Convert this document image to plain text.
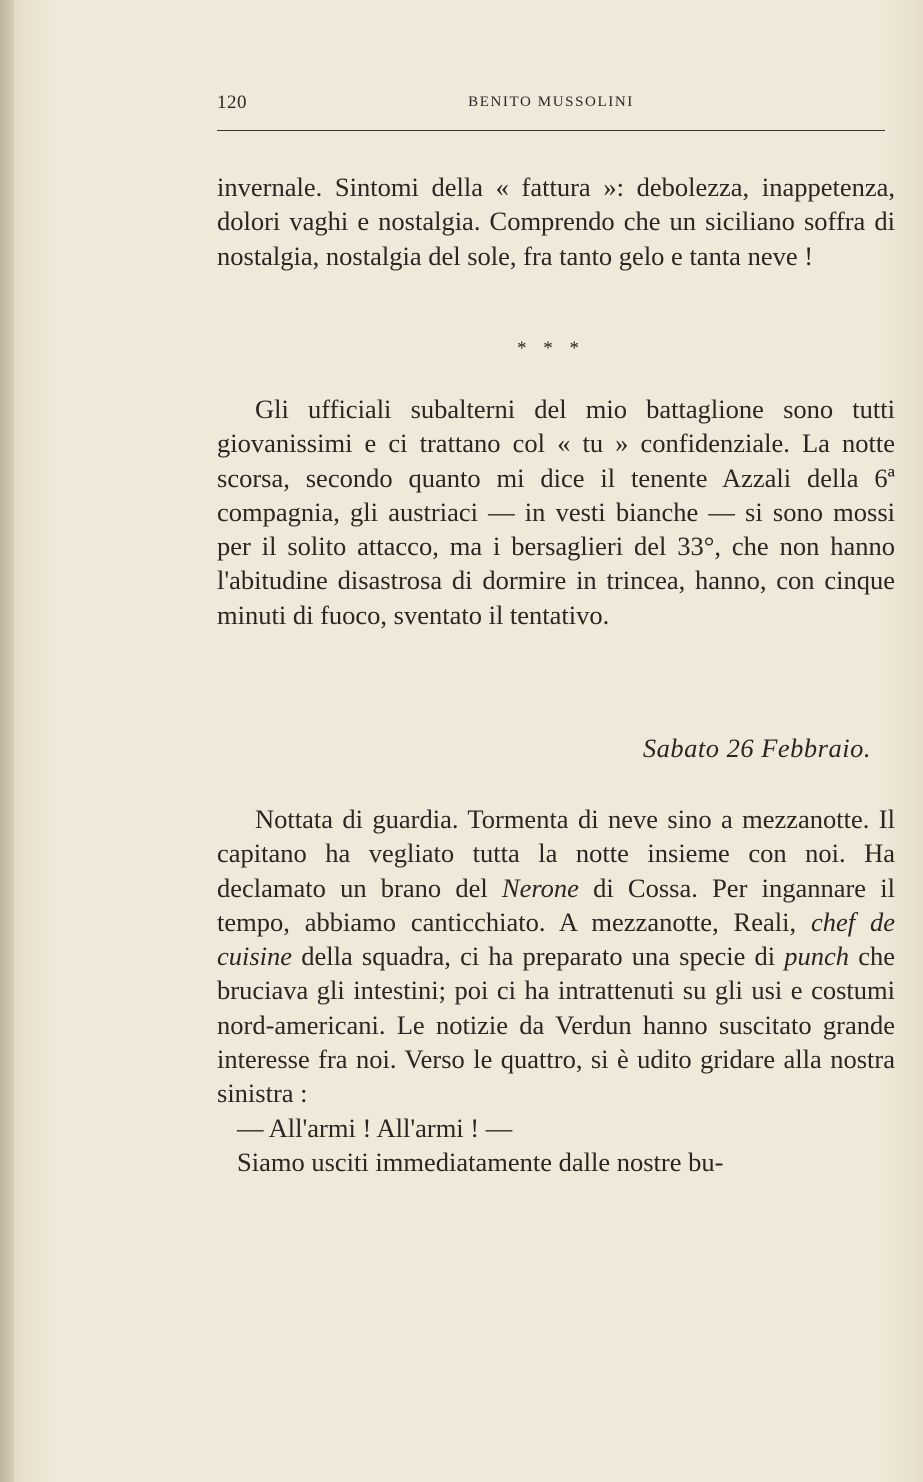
120	BENITO MUSSOLINI

invernale. Sintomi della « fattura »: debolezza, inappetenza, dolori vaghi e nostalgia. Comprendo che un siciliano soffra di nostalgia, nostalgia del sole, fra tanto gelo e tanta neve !

* * *

Gli ufficiali subalterni del mio battaglione sono tutti giovanissimi e ci trattano col « tu » confidenziale. La notte scorsa, secondo quanto mi dice il tenente Azzali della 6ª compagnia, gli austriaci — in vesti bianche — si sono mossi per il solito attacco, ma i bersaglieri del 33°, che non hanno l'abitudine disastrosa di dormire in trincea, hanno, con cinque minuti di fuoco, sventato il tentativo.

Sabato 26 Febbraio.

Nottata di guardia. Tormenta di neve sino a mezzanotte. Il capitano ha vegliato tutta la notte insieme con noi. Ha declamato un brano del Nerone di Cossa. Per ingannare il tempo, abbiamo canticchiato. A mezzanotte, Reali, chef de cuisine della squadra, ci ha preparato una specie di punch che bruciava gli intestini; poi ci ha intrattenuti su gli usi e costumi nord-americani. Le notizie da Verdun hanno suscitato grande interesse fra noi. Verso le quattro, si è udito gridare alla nostra sinistra :

— All'armi ! All'armi ! —

Siamo usciti immediatamente dalle nostre bu-
